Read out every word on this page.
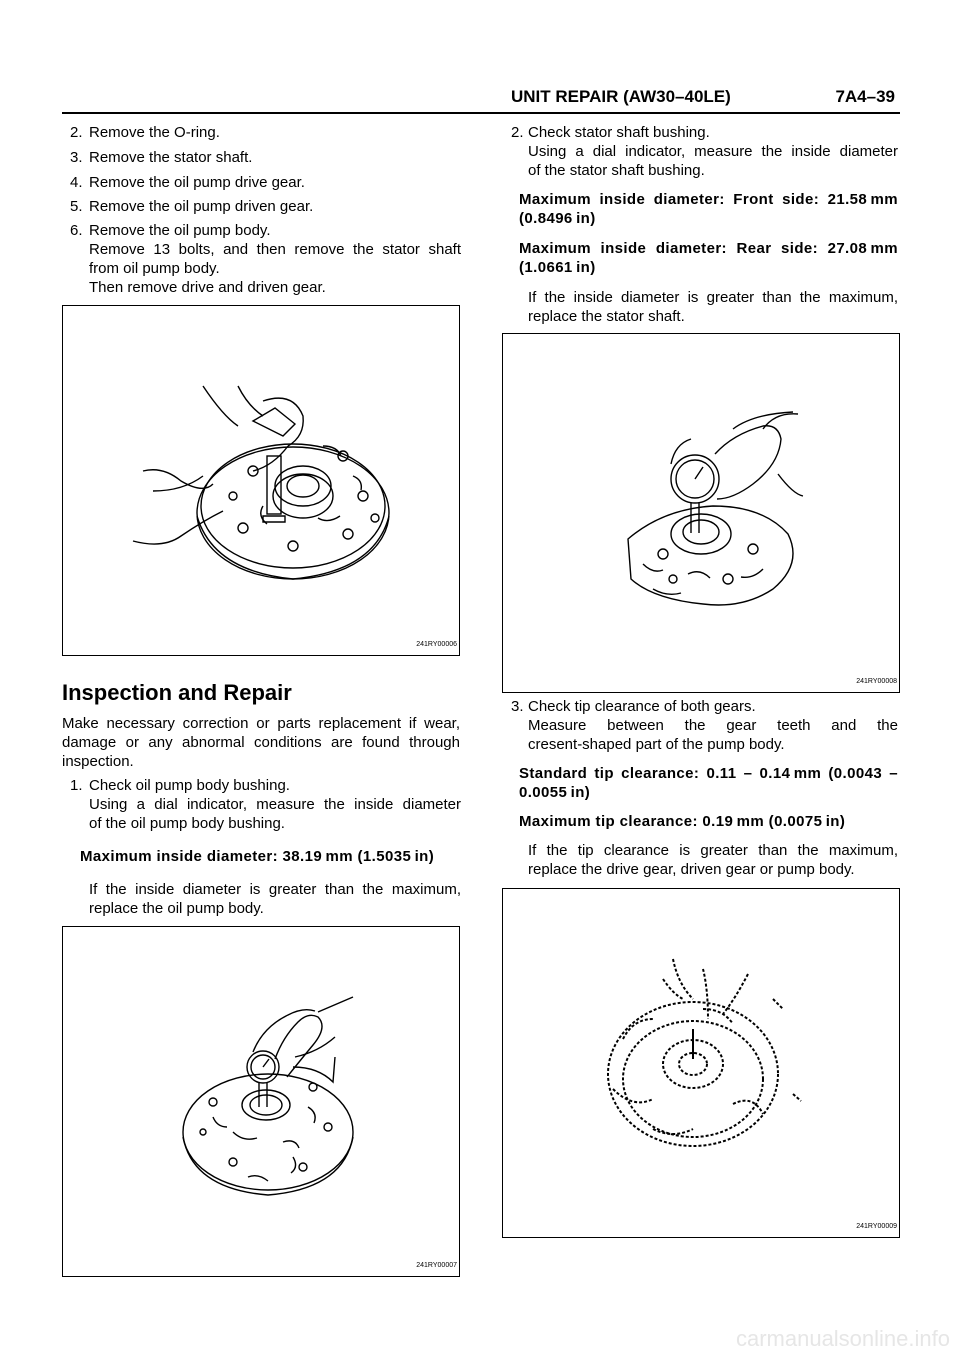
UNIT REPAIR (AW30–40LE)	7A4–39
2. Remove the O-ring.
3. Remove the stator shaft.
4. Remove the oil pump drive gear.
5. Remove the oil pump driven gear.
6. Remove the oil pump body.
Remove 13 bolts, and then remove the stator shaft
from oil pump body.
Then remove drive and driven gear.
241RY00006
Inspection and Repair
Make necessary correction or parts replacement if wear,
damage or any abnormal conditions are found through
inspection.
1. Check oil pump body bushing.
Using a dial indicator, measure the inside diameter
of the oil pump body bushing.
Maximum inside diameter: 38.19 mm (1.5035 in)
If the inside diameter is greater than the maximum,
replace the oil pump body.
241RY00007
2. Check stator shaft bushing.
Using a dial indicator, measure the inside diameter
of the stator shaft bushing.
Maximum inside diameter: Front side: 21.58 mm
(0.8496 in)
Maximum inside diameter: Rear side: 27.08 mm
(1.0661 in)
If the inside diameter is greater than the maximum,
replace the stator shaft.
241RY00008
3. Check tip clearance of both gears.
Measure between the gear teeth and the
cresent-shaped part of the pump body.
Standard tip clearance: 0.11 – 0.14 mm (0.0043 –
0.0055 in)
Maximum tip clearance: 0.19 mm (0.0075 in)
If the tip clearance is greater than the maximum,
replace the drive gear, driven gear or pump body.
241RY00009
carmanualsonline.info
